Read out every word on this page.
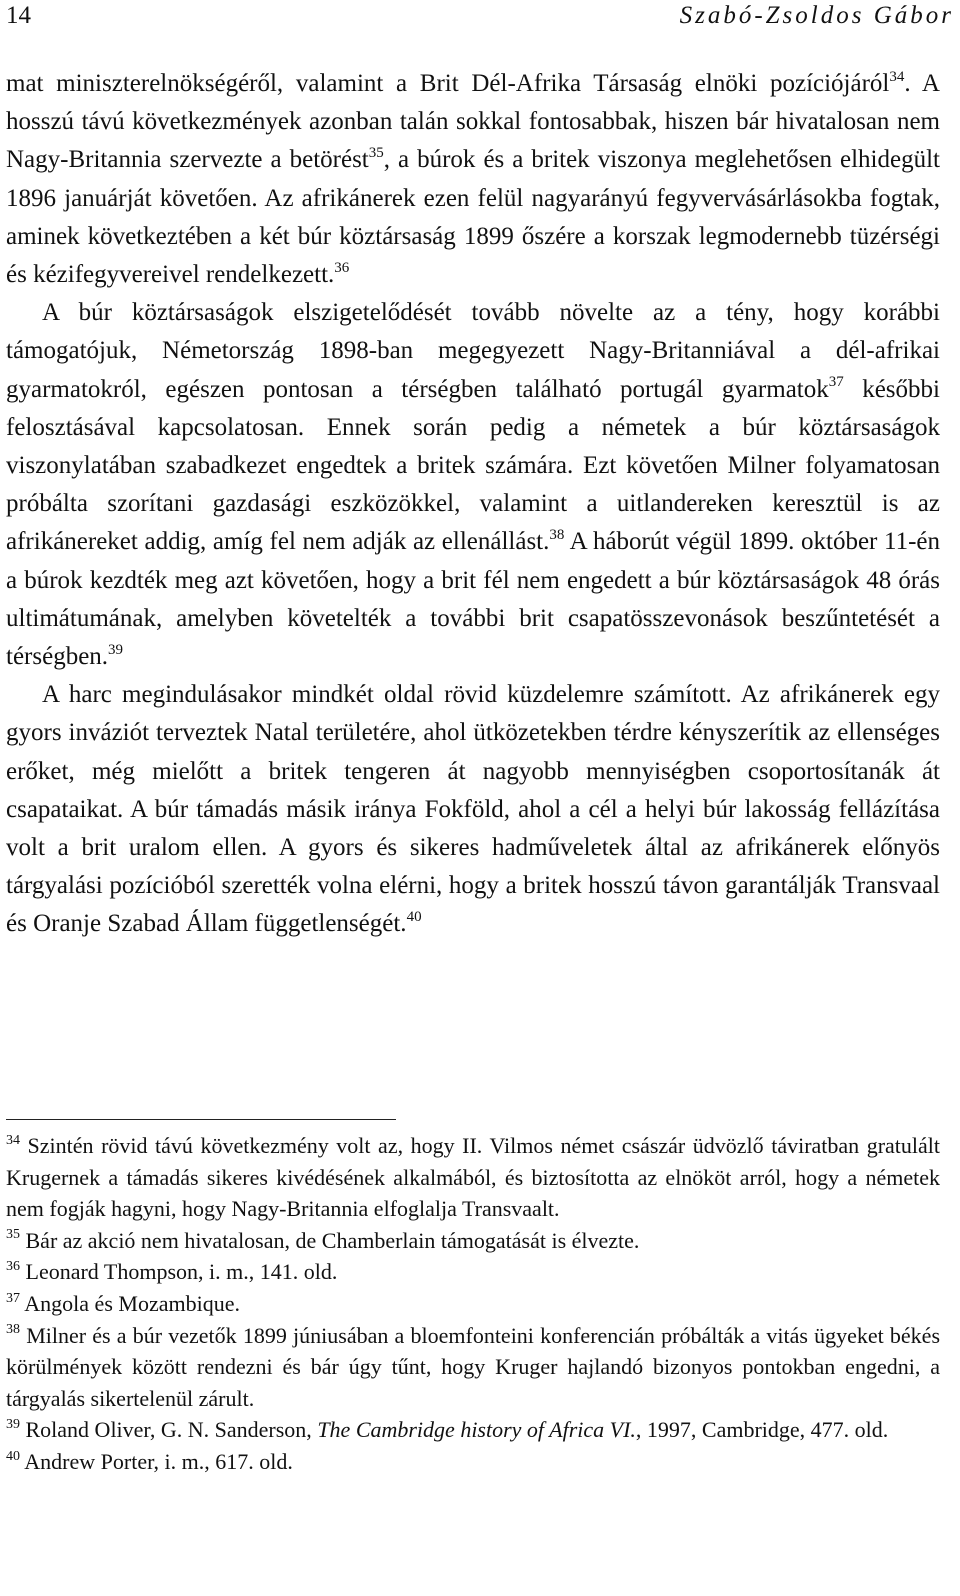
14	Szabó-Zsoldos Gábor

mat miniszterelnökségéről, valamint a Brit Dél-Afrika Társaság elnöki pozíciójáról$^{34}$. A hosszú távú következmények azonban talán sokkal fontosabbak, hiszen bár hivatalosan nem Nagy-Britannia szervezte a betörést$^{35}$, a búrok és a britek viszonya meglehetősen elhidegült 1896 januárját követően. Az afrikánerek ezen felül nagyarányú fegyvervásárlásokba fogtak, aminek következtében a két búr köztársaság 1899 őszére a korszak legmodernebb tüzérségi és kézifegyvereivel rendelkezett.$^{36}$

A búr köztársaságok elszigetelődését tovább növelte az a tény, hogy korábbi támogatójuk, Németország 1898-ban megegyezett Nagy-Britanniával a dél-afrikai gyarmatokról, egészen pontosan a térségben található portugál gyarmatok$^{37}$ későbbi felosztásával kapcsolatosan. Ennek során pedig a németek a búr köztársaságok viszonylatában szabadkezet engedtek a britek számára. Ezt követően Milner folyamatosan próbálta szorítani gazdasági eszközökkel, valamint a uitlandereken keresztül is az afrikánereket addig, amíg fel nem adják az ellenállást.$^{38}$ A háborút végül 1899. október 11-én a búrok kezdték meg azt követően, hogy a brit fél nem engedett a búr köztársaságok 48 órás ultimátumának, amelyben követelték a további brit csapatösszevonások beszűntetését a térségben.$^{39}$

A harc megindulásakor mindkét oldal rövid küzdelemre számított. Az afrikánerek egy gyors inváziót terveztek Natal területére, ahol ütközetekben térdre kényszerítik az ellenséges erőket, még mielőtt a britek tengeren át nagyobb mennyiségben csoportosítanák át csapataikat. A búr támadás másik iránya Fokföld, ahol a cél a helyi búr lakosság fellázítása volt a brit uralom ellen. A gyors és sikeres hadműveletek által az afrikánerek előnyös tárgyalási pozícióból szerették volna elérni, hogy a britek hosszú távon garantálják Transvaal és Oranje Szabad Állam függetlenségét.$^{40}$

$^{34}$ Szintén rövid távú következmény volt az, hogy II. Vilmos német császár üdvözlő táviratban gratulált Krugernek a támadás sikeres kivédésének alkalmából, és biztosította az elnököt arról, hogy a németek nem fogják hagyni, hogy Nagy-Britannia elfoglalja Transvaalt.

$^{35}$ Bár az akció nem hivatalosan, de Chamberlain támogatását is élvezte.

$^{36}$ Leonard Thompson, i. m., 141. old.

$^{37}$ Angola és Mozambique.

$^{38}$ Milner és a búr vezetők 1899 júniusában a bloemfonteini konferencián próbálták a vitás ügyeket békés körülmények között rendezni és bár úgy tűnt, hogy Kruger hajlandó bizonyos pontokban engedni, a tárgyalás sikertelenül zárult.

$^{39}$ Roland Oliver, G. N. Sanderson, The Cambridge history of Africa VI., 1997, Cambridge, 477. old.

$^{40}$ Andrew Porter, i. m., 617. old.
